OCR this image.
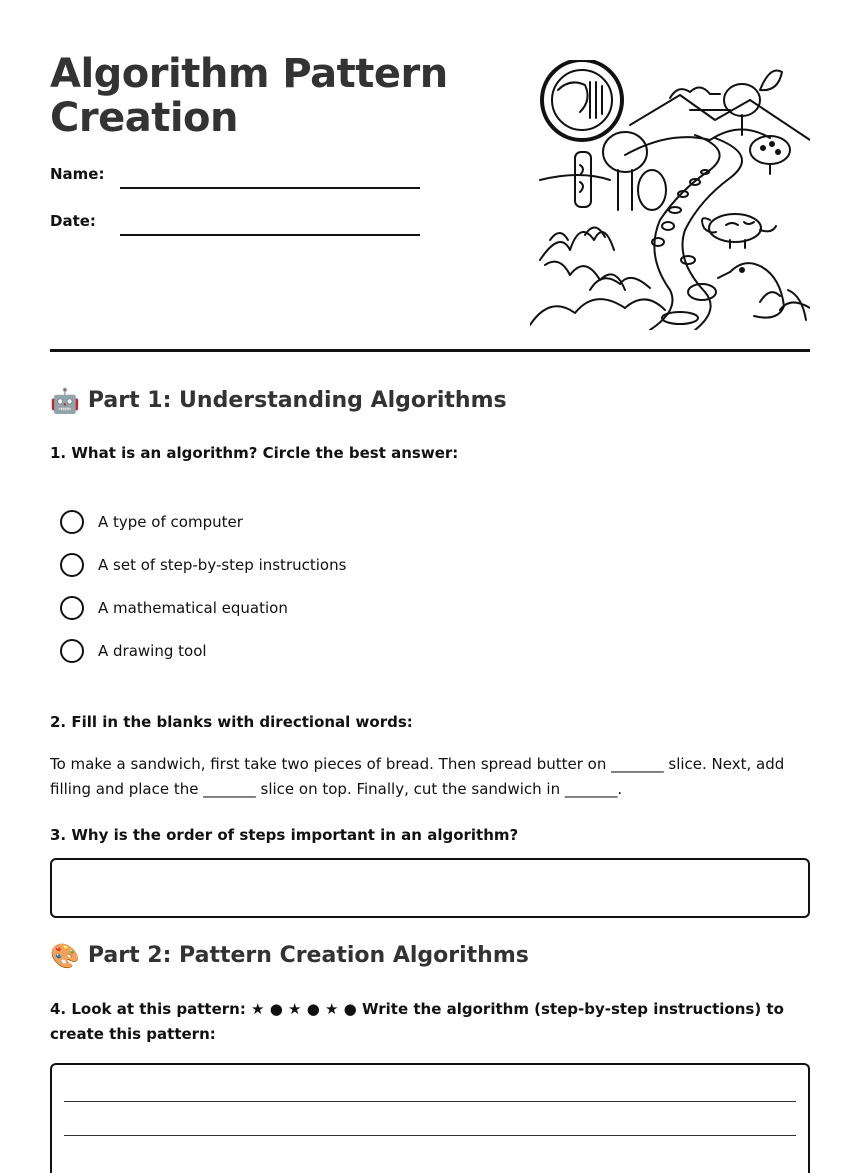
Algorithm Pattern Creation
Name:
Date:
🤖 Part 1: Understanding Algorithms
1. What is an algorithm? Circle the best answer:
A type of computer
A set of step-by-step instructions
A mathematical equation
A drawing tool
2. Fill in the blanks with directional words:
To make a sandwich, first take two pieces of bread. Then spread butter on _______ slice. Next, add filling and place the _______ slice on top. Finally, cut the sandwich in _______.
3. Why is the order of steps important in an algorithm?
🎨 Part 2: Pattern Creation Algorithms
4. Look at this pattern: ★ ● ★ ● ★ ● Write the algorithm (step-by-step instructions) to create this pattern:
